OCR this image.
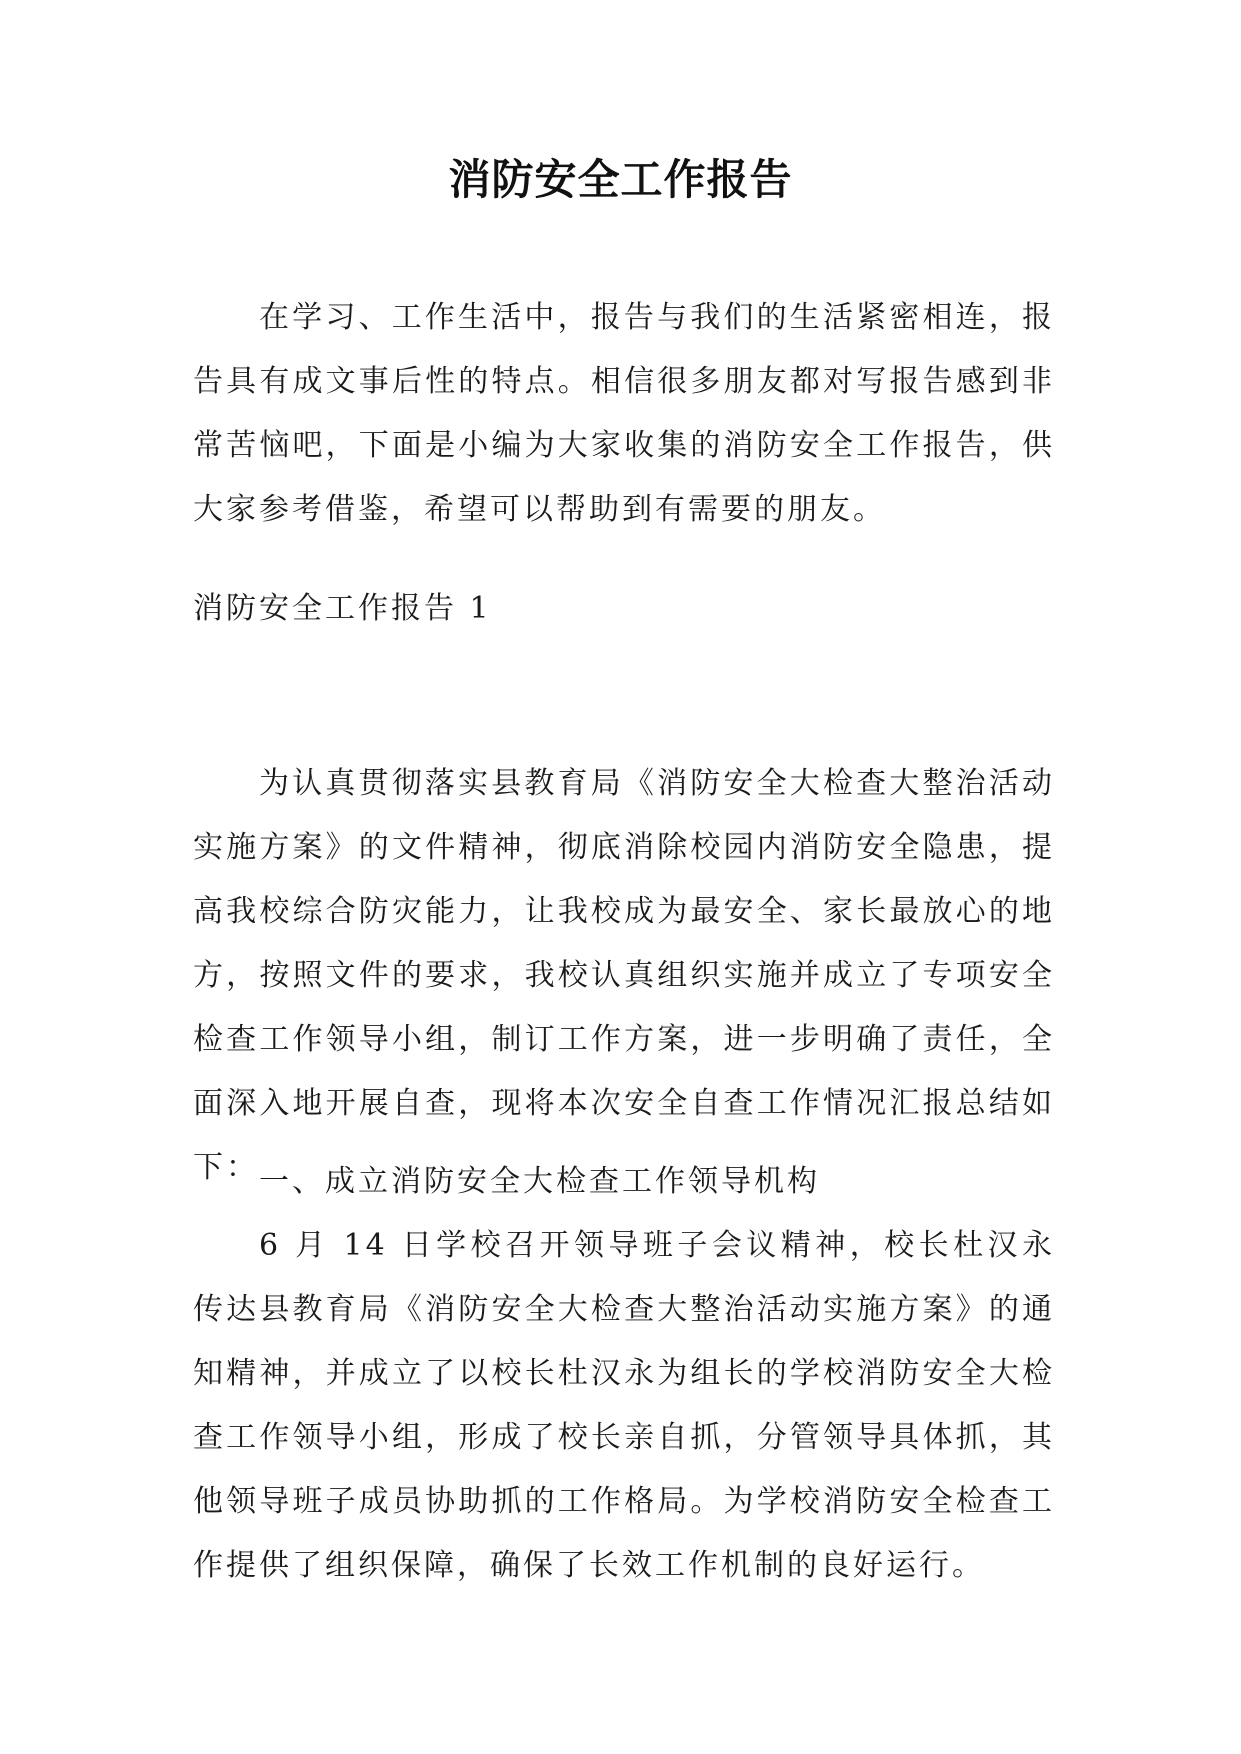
消防安全工作报告

在学习、工作生活中，报告与我们的生活紧密相连，报告具有成文事后性的特点。相信很多朋友都对写报告感到非常苦恼吧，下面是小编为大家收集的消防安全工作报告，供大家参考借鉴，希望可以帮助到有需要的朋友。

消防安全工作报告 1

为认真贯彻落实县教育局《消防安全大检查大整治活动实施方案》的文件精神，彻底消除校园内消防安全隐患，提高我校综合防灾能力，让我校成为最安全、家长最放心的地方，按照文件的要求，我校认真组织实施并成立了专项安全检查工作领导小组，制订工作方案，进一步明确了责任，全面深入地开展自查，现将本次安全自查工作情况汇报总结如下： 一、成立消防安全大检查工作领导机构

6 月 14 日学校召开领导班子会议精神，校长杜汉永传达县教育局《消防安全大检查大整治活动实施方案》的通知精神，并成立了以校长杜汉永为组长的学校消防安全大检查工作领导小组，形成了校长亲自抓，分管领导具体抓，其他领导班子成员协助抓的工作格局。为学校消防安全检查工作提供了组织保障，确保了长效工作机制的良好运行。
